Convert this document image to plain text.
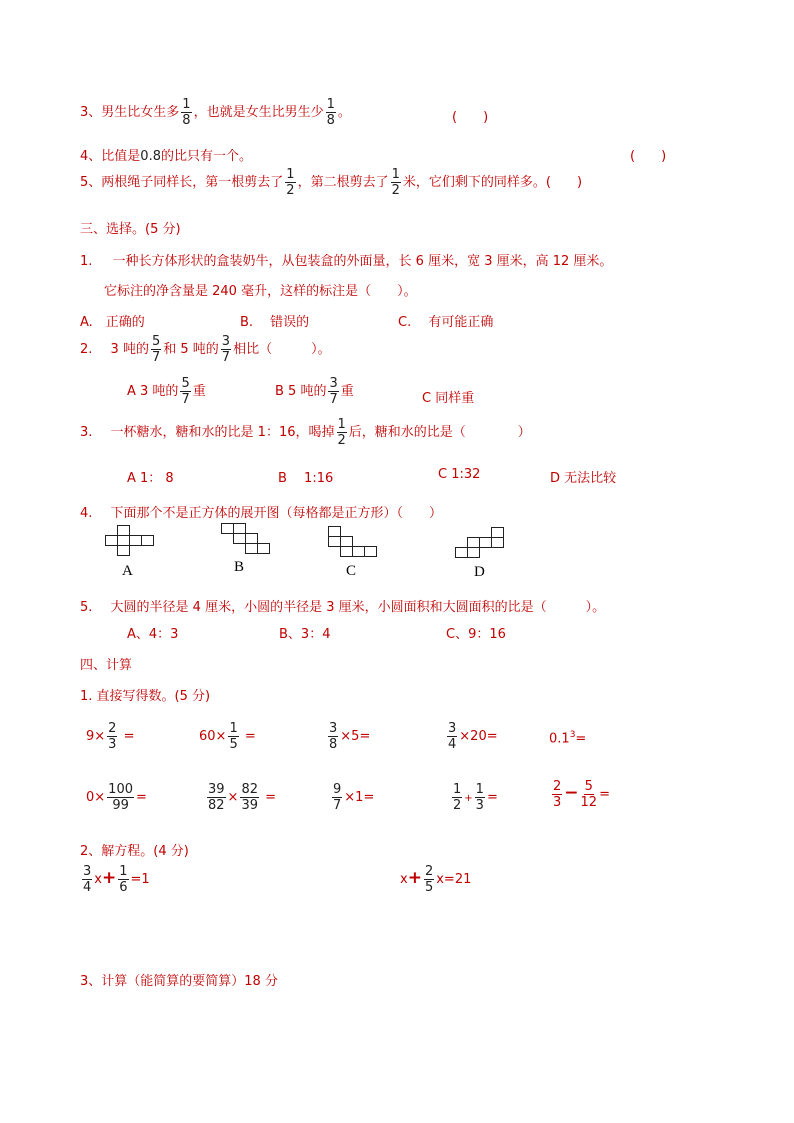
3、男生比女生多 $\frac{1}{8}$ ，也就是女生比男生少 $\frac{1}{8}$ 。	(　　)
4、比值是0.8的比只有一个。	(　　)
5、两根绳子同样长，第一根剪去了 $\frac{1}{2}$ ，第二根剪去了 $\frac{1}{2}$ 米，它们剩下的同样多。(　　)
三、选择。(5 分)
1. 一种长方体形状的盒装奶牛，从包装盒的外面量，长 6 厘米，宽 3 厘米，高 12 厘米。
它标注的净含量是 240 毫升，这样的标注是（　　）。
A.　正确的	B.　 错误的	C.　 有可能正确
2. 3 吨的 $\frac{5}{7}$ 和 5 吨的 $\frac{3}{7}$ 相比（　　　）。
A 3 吨的 $\frac{5}{7}$ 重	B 5 吨的 $\frac{3}{7}$ 重	C 同样重
3. 一杯糖水，糖和水的比是 1：16，喝掉 $\frac{1}{2}$ 后，糖和水的比是（　　　　）
A 1： 8	B　 1:16	C 1:32	D 无法比较
4. 下面那个不是正方体的展开图（每格都是正方形）（　　）
A	B	C	D
5. 大圆的半径是 4 厘米，小圆的半径是 3 厘米，小圆面积和大圆面积的比是（　　　）。
A、4：3	B、3：4	C、9：16
四、计算
1. 直接写得数。(5 分)
$9\times \frac{2}{3}$ =	$60\times \frac{1}{5}$ =	$\frac{3}{8} \times 5=$	$\frac{3}{4} \times 20=$	$0.1^3=$
$0\times \frac{100}{99}$ =	$\frac{39}{82} \times \frac{82}{39}$ =	$\frac{9}{7} \times 1=$	$\frac{1}{2} + \frac{1}{3}$ =	$\frac{2}{3} - \frac{5}{12}$ =
2、解方程。(4 分)
$\frac{3}{4} x+ \frac{1}{6} =1$	$x+ \frac{2}{5} x=21$
3、计算（能简算的要简算）18 分
